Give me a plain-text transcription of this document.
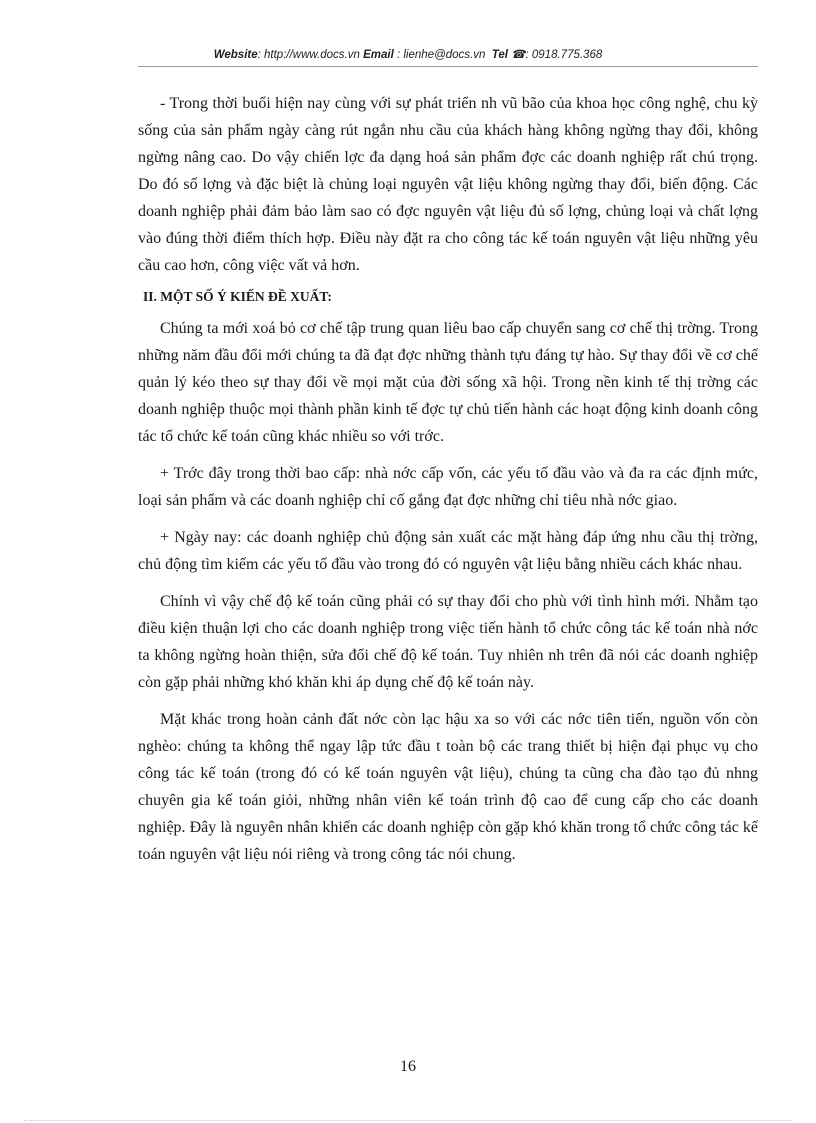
Website: http://www.docs.vn Email : lienhe@docs.vn Tel ☎: 0918.775.368

- Trong thời buổi hiện nay cùng với sự phát triển nh vũ bão của khoa học công nghệ, chu kỳ sống của sản phẩm ngày càng rút ngắn nhu cầu của khách hàng không ngừng thay đổi, không ngừng nâng cao. Do vậy chiến lợc đa dạng hoá sản phẩm đợc các doanh nghiệp rất chú trọng. Do đó số lợng và đặc biệt là chủng loại nguyên vật liệu không ngừng thay đổi, biến động. Các doanh nghiệp phải đảm bảo làm sao có đợc nguyên vật liệu đủ số lợng, chủng loại và chất lợng vào đúng thời điểm thích hợp. Điều này đặt ra cho công tác kế toán nguyên vật liệu những yêu cầu cao hơn, công việc vất vả hơn.

II. MỘT SỐ Ý KIẾN ĐỀ XUẤT:

Chúng ta mới xoá bỏ cơ chế tập trung quan liêu bao cấp chuyển sang cơ chế thị trờng. Trong những năm đầu đổi mới chúng ta đã đạt đợc những thành tựu đáng tự hào. Sự thay đổi về cơ chế quản lý kéo theo sự thay đổi về mọi mặt của đời sống xã hội. Trong nền kinh tế thị trờng các doanh nghiệp thuộc mọi thành phần kinh tế đợc tự chủ tiến hành các hoạt động kinh doanh công tác tổ chức kế toán cũng khác nhiều so với trớc.

+ Trớc đây trong thời bao cấp: nhà nớc cấp vốn, các yếu tố đầu vào và đa ra các định mức, loại sản phẩm và các doanh nghiệp chỉ cố gắng đạt đợc những chỉ tiêu nhà nớc giao.

+ Ngày nay: các doanh nghiệp chủ động sản xuất các mặt hàng đáp ứng nhu cầu thị trờng, chủ động tìm kiếm các yếu tố đầu vào trong đó có nguyên vật liệu bằng nhiều cách khác nhau.

Chính vì vậy chế độ kế toán cũng phải có sự thay đổi cho phù với tình hình mới. Nhằm tạo điều kiện thuận lợi cho các doanh nghiệp trong việc tiến hành tổ chức công tác kế toán nhà nớc ta không ngừng hoàn thiện, sửa đổi chế độ kế toán. Tuy nhiên nh trên đã nói các doanh nghiệp còn gặp phải những khó khăn khi áp dụng chế độ kế toán này.

Mặt khác trong hoàn cảnh đất nớc còn lạc hậu xa so với các nớc tiên tiến, nguồn vốn còn nghèo: chúng ta không thể ngay lập tức đầu t toàn bộ các trang thiết bị hiện đại phục vụ cho công tác kế toán (trong đó có kế toán nguyên vật liệu), chúng ta cũng cha đào tạo đủ nhng chuyên gia kế toán giỏi, những nhân viên kế toán trình độ cao để cung cấp cho các doanh nghiệp. Đây là nguyên nhân khiến các doanh nghiệp còn gặp khó khăn trong tổ chức công tác kế toán nguyên vật liệu nói riêng và trong công tác nói chung.

16
